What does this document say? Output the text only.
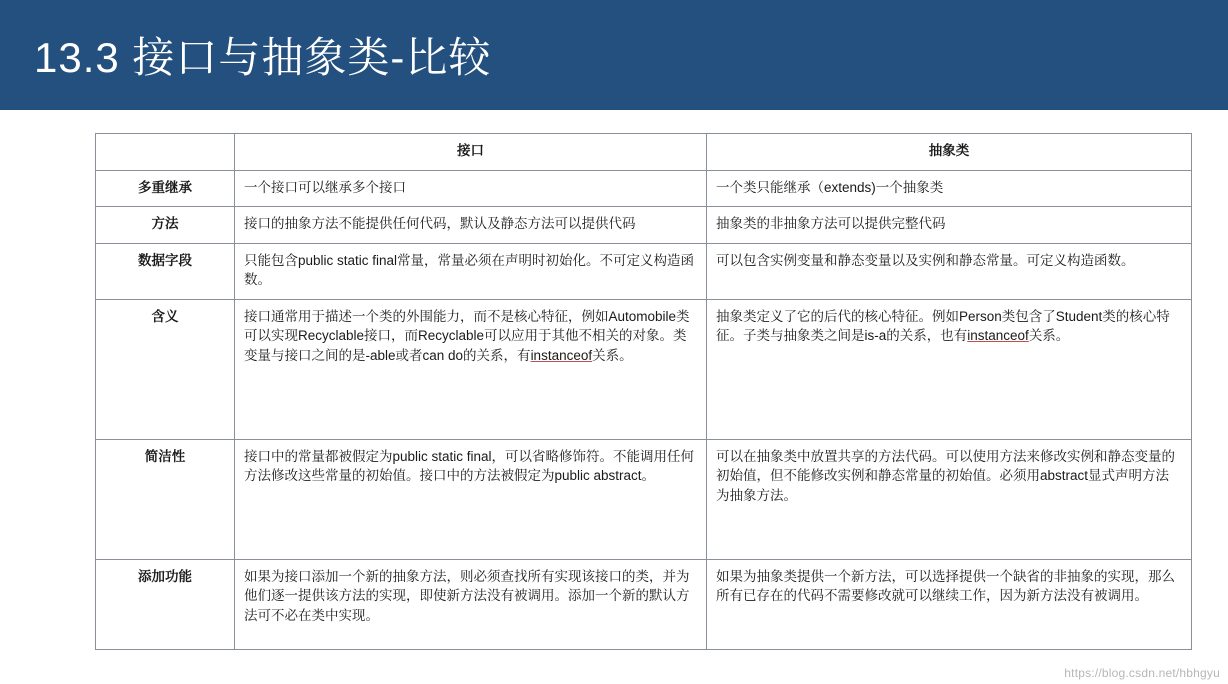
13.3 接口与抽象类-比较
	接口	抽象类
多重继承	一个接口可以继承多个接口	一个类只能继承（extends)一个抽象类
方法	接口的抽象方法不能提供任何代码，默认及静态方法可以提供代码	抽象类的非抽象方法可以提供完整代码
数据字段	只能包含public static final常量，常量必须在声明时初始化。不可定义构造函数。	可以包含实例变量和静态变量以及实例和静态常量。可定义构造函数。
含义	接口通常用于描述一个类的外围能力，而不是核心特征，例如Automobile类可以实现Recyclable接口，而Recyclable可以应用于其他不相关的对象。类变量与接口之间的是-able或者can do的关系，有instanceof关系。	抽象类定义了它的后代的核心特征。例如Person类包含了Student类的核心特征。子类与抽象类之间是is-a的关系，也有instanceof关系。
简洁性	接口中的常量都被假定为public static final，可以省略修饰符。不能调用任何方法修改这些常量的初始值。接口中的方法被假定为public abstract。	可以在抽象类中放置共享的方法代码。可以使用方法来修改实例和静态变量的初始值，但不能修改实例和静态常量的初始值。必须用abstract显式声明方法为抽象方法。
添加功能	如果为接口添加一个新的抽象方法，则必须查找所有实现该接口的类，并为他们逐一提供该方法的实现，即使新方法没有被调用。添加一个新的默认方法可不必在类中实现。	如果为抽象类提供一个新方法，可以选择提供一个缺省的非抽象的实现，那么所有已存在的代码不需要修改就可以继续工作，因为新方法没有被调用。
https://blog.csdn.net/hbhgyu
